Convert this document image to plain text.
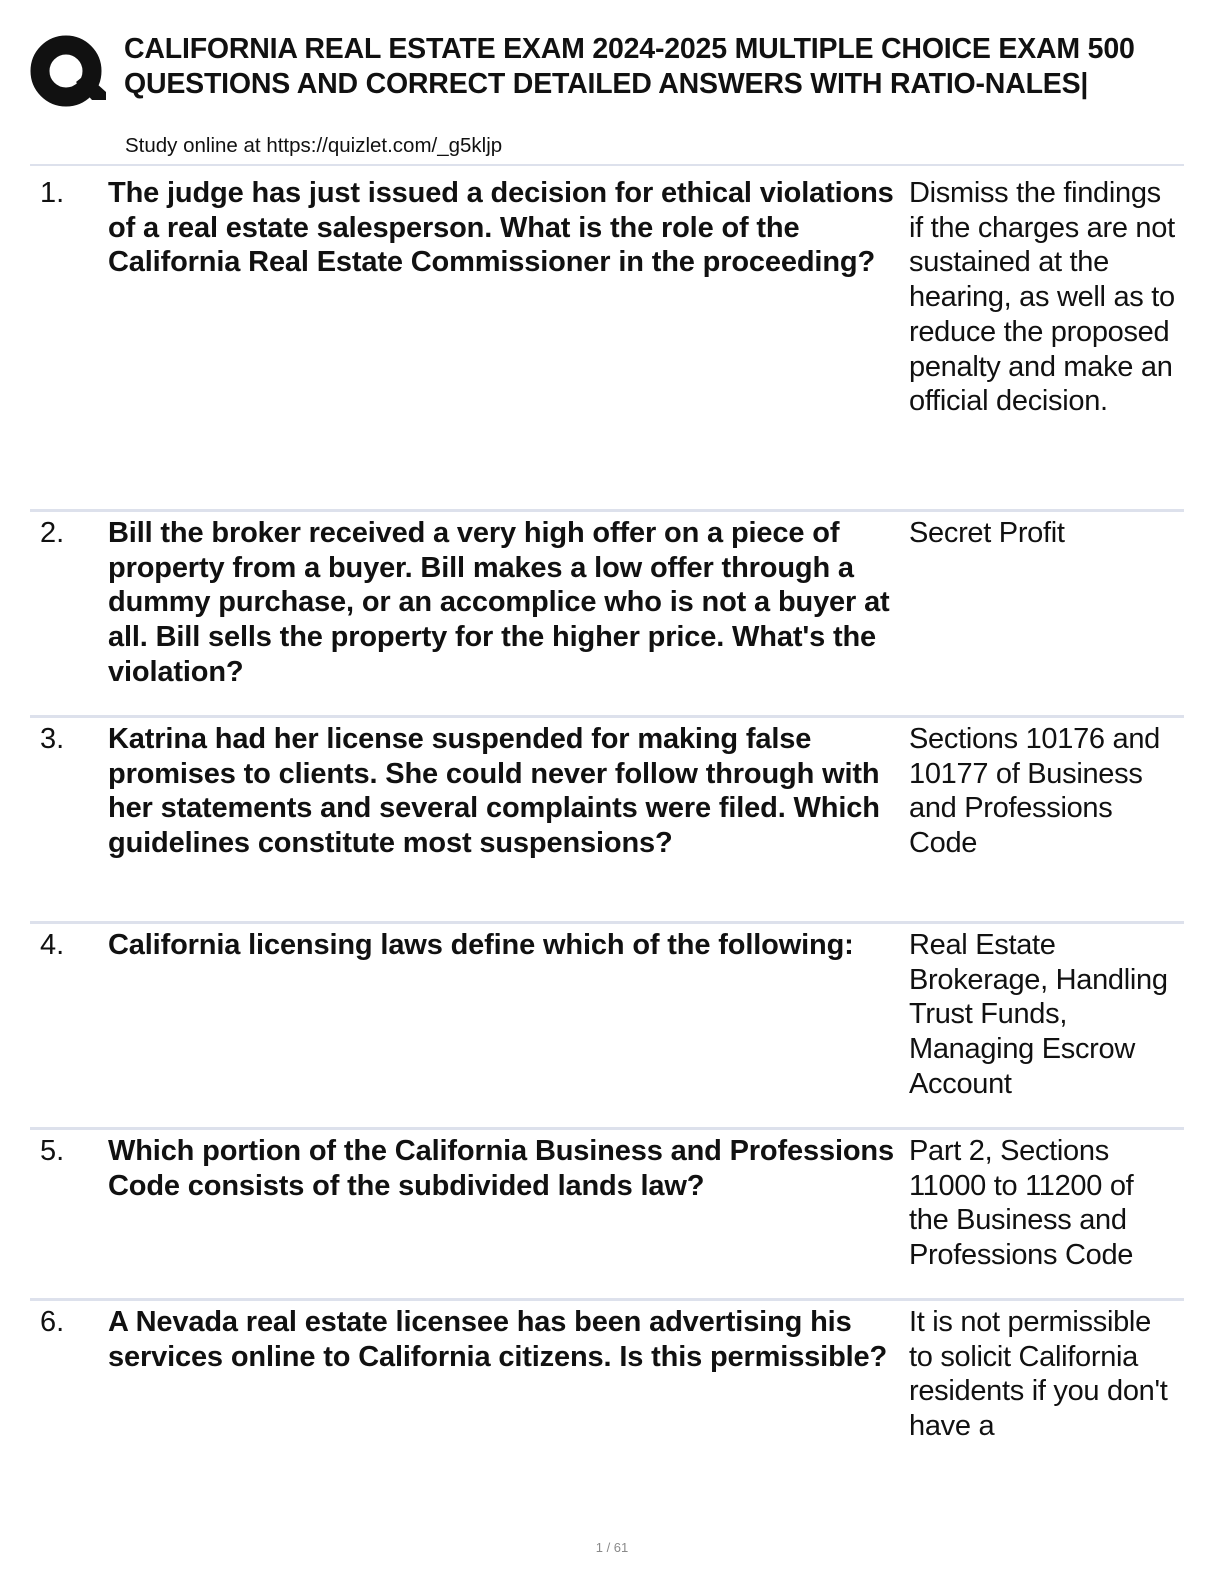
CALIFORNIA REAL ESTATE EXAM 2024-2025 MULTIPLE CHOICE EXAM 500 QUESTIONS AND CORRECT DETAILED ANSWERS WITH RATIO-NALES|

Study online at https://quizlet.com/_g5kljp

1. The judge has just issued a decision for ethical violations of a real estate salesperson. What is the role of the California Real Estate Commissioner in the proceeding?

Dismiss the findings if the charges are not sustained at the hearing, as well as to reduce the proposed penalty and make an official decision.

2. Bill the broker received a very high offer on a piece of property from a buyer. Bill makes a low offer through a dummy purchase, or an accomplice who is not a buyer at all. Bill sells the property for the higher price. What's the violation?

Secret Profit

3. Katrina had her license suspended for making false promises to clients. She could never follow through with her statements and several complaints were filed. Which guidelines constitute most suspensions?

Sections 10176 and 10177 of Business and Professions Code

4. California licensing laws define which of the following:	Real Estate Brokerage, Handling Trust Funds, Managing Escrow Account

5. Which portion of the California Business and Professions Code consists of the subdivided lands law?

Part 2, Sections 11000 to 11200 of the Business and Professions Code

6. A Nevada real estate licensee has been advertising his services online to California citizens. Is this permissible?

It is not permissible to solicit California residents if you don't have a

1 / 61
